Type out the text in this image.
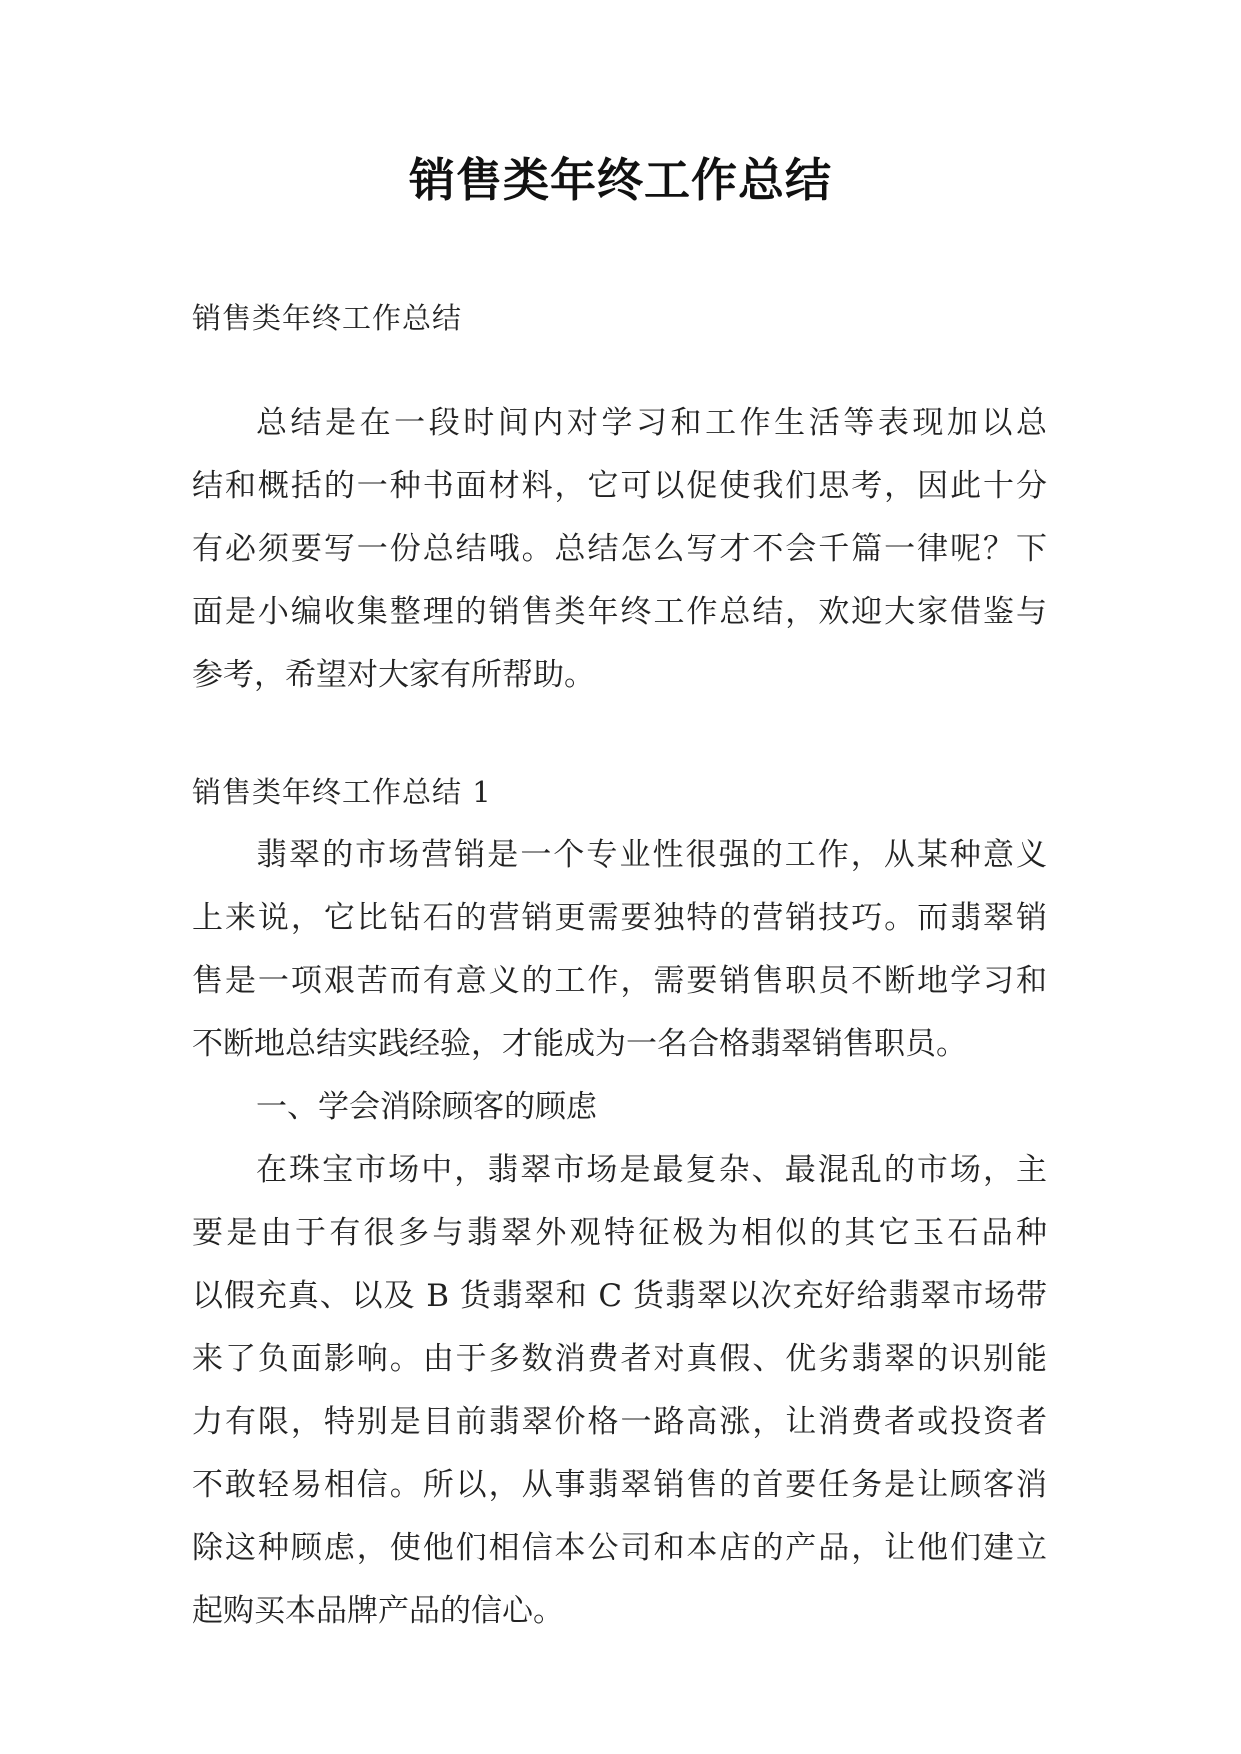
销售类年终工作总结
销售类年终工作总结
总结是在一段时间内对学习和工作生活等表现加以总
结和概括的一种书面材料，它可以促使我们思考，因此十分
有必须要写一份总结哦。总结怎么写才不会千篇一律呢？下
面是小编收集整理的销售类年终工作总结，欢迎大家借鉴与
参考，希望对大家有所帮助。
销售类年终工作总结 1
翡翠的市场营销是一个专业性很强的工作，从某种意义
上来说，它比钻石的营销更需要独特的营销技巧。而翡翠销
售是一项艰苦而有意义的工作，需要销售职员不断地学习和
不断地总结实践经验，才能成为一名合格翡翠销售职员。
一、学会消除顾客的顾虑
在珠宝市场中，翡翠市场是最复杂、最混乱的市场，主
要是由于有很多与翡翠外观特征极为相似的其它玉石品种
以假充真、以及 B 货翡翠和 C 货翡翠以次充好给翡翠市场带
来了负面影响。由于多数消费者对真假、优劣翡翠的识别能
力有限，特别是目前翡翠价格一路高涨，让消费者或投资者
不敢轻易相信。所以，从事翡翠销售的首要任务是让顾客消
除这种顾虑，使他们相信本公司和本店的产品，让他们建立
起购买本品牌产品的信心。
